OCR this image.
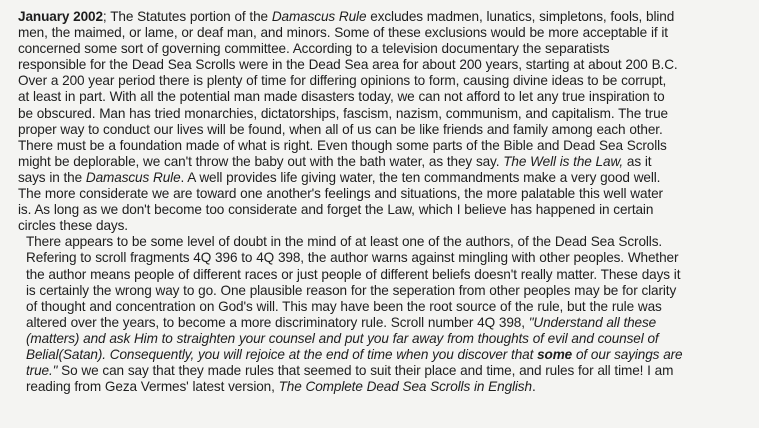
January 2002; The Statutes portion of the Damascus Rule excludes madmen, lunatics, simpletons, fools, blind
men, the maimed, or lame, or deaf man, and minors. Some of these exclusions would be more acceptable if it
concerned some sort of governing committee. According to a television documentary the separatists
responsible for the Dead Sea Scrolls were in the Dead Sea area for about 200 years, starting at about 200 B.C.
Over a 200 year period there is plenty of time for differing opinions to form, causing divine ideas to be corrupt,
at least in part. With all the potential man made disasters today, we can not afford to let any true inspiration to
be obscured. Man has tried monarchies, dictatorships, fascism, nazism, communism, and capitalism. The true
proper way to conduct our lives will be found, when all of us can be like friends and family among each other.
There must be a foundation made of what is right. Even though some parts of the Bible and Dead Sea Scrolls
might be deplorable, we can't throw the baby out with the bath water, as they say. The Well is the Law, as it
says in the Damascus Rule. A well provides life giving water, the ten commandments make a very good well.
The more considerate we are toward one another's feelings and situations, the more palatable this well water
is. As long as we don't become too considerate and forget the Law, which I believe has happened in certain
circles these days.

There appears to be some level of doubt in the mind of at least one of the authors, of the Dead Sea Scrolls.
Refering to scroll fragments 4Q 396 to 4Q 398, the author warns against mingling with other peoples. Whether
the author means people of different races or just people of different beliefs doesn't really matter. These days it
is certainly the wrong way to go. One plausible reason for the seperation from other peoples may be for clarity
of thought and concentration on God's will. This may have been the root source of the rule, but the rule was
altered over the years, to become a more discriminatory rule. Scroll number 4Q 398, "Understand all these
(matters) and ask Him to straighten your counsel and put you far away from thoughts of evil and counsel of
Belial(Satan). Consequently, you will rejoice at the end of time when you discover that some of our sayings are
true." So we can say that they made rules that seemed to suit their place and time, and rules for all time! I am
reading from Geza Vermes' latest version, The Complete Dead Sea Scrolls in English.
